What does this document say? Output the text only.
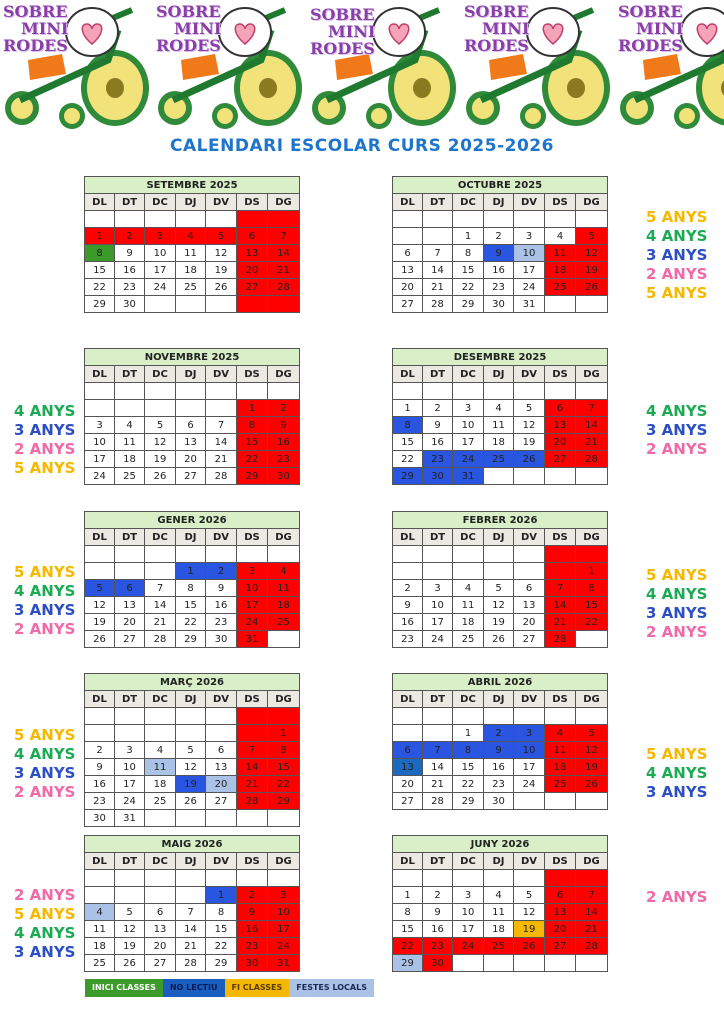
SOBRE
MINI
RODES
SOBRE
MINI
RODES
SOBRE
MINI
RODES
SOBRE
MINI
RODES
SOBRE
MINI
RODES
CALENDARI ESCOLAR CURS 2025-2026
SETEMBRE 2025						
DL	DT	DC	DJ	DV	DS	DG

1	2	3	4	5	6	7
8	9	10	11	12	13	14
15	16	17	18	19	20	21
22	23	24	25	26	27	28
29	30					
OCTUBRE 2025						
DL	DT	DC	DJ	DV	DS	DG

		1	2	3	4	5
6	7	8	9	10	11	12
13	14	15	16	17	18	19
20	21	22	23	24	25	26
27	28	29	30	31		
NOVEMBRE 2025						
DL	DT	DC	DJ	DV	DS	DG

					1	2
3	4	5	6	7	8	9
10	11	12	13	14	15	16
17	18	19	20	21	22	23
24	25	26	27	28	29	30
DESEMBRE 2025						
DL	DT	DC	DJ	DV	DS	DG

1	2	3	4	5	6	7
8	9	10	11	12	13	14
15	16	17	18	19	20	21
22	23	24	25	26	27	28
29	30	31				
GENER 2026						
DL	DT	DC	DJ	DV	DS	DG

			1	2	3	4
5	6	7	8	9	10	11
12	13	14	15	16	17	18
19	20	21	22	23	24	25
26	27	28	29	30	31	
FEBRER 2026						
DL	DT	DC	DJ	DV	DS	DG

						1
2	3	4	5	6	7	8
9	10	11	12	13	14	15
16	17	18	19	20	21	22
23	24	25	26	27	28	
MARÇ 2026						
DL	DT	DC	DJ	DV	DS	DG

						1
2	3	4	5	6	7	8
9	10	11	12	13	14	15
16	17	18	19	20	21	22
23	24	25	26	27	28	29
30	31					
ABRIL 2026						
DL	DT	DC	DJ	DV	DS	DG

		1	2	3	4	5
6	7	8	9	10	11	12
13	14	15	16	17	18	19
20	21	22	23	24	25	26
27	28	29	30			
MAIG 2026						
DL	DT	DC	DJ	DV	DS	DG

				1	2	3
4	5	6	7	8	9	10
11	12	13	14	15	16	17
18	19	20	21	22	23	24
25	26	27	28	29	30	31
JUNY 2026						
DL	DT	DC	DJ	DV	DS	DG

1	2	3	4	5	6	7
8	9	10	11	12	13	14
15	16	17	18	19	20	21
22	23	24	25	26	27	28
29	30					
5 ANYS
4 ANYS
3 ANYS
2 ANYS
5 ANYS
4 ANYS
3 ANYS
2 ANYS
5 ANYS
4 ANYS
3 ANYS
2 ANYS
5 ANYS
4 ANYS
3 ANYS
2 ANYS
5 ANYS
4 ANYS
3 ANYS
2 ANYS
5 ANYS
4 ANYS
3 ANYS
2 ANYS
5 ANYS
4 ANYS
3 ANYS
2 ANYS
5 ANYS
4 ANYS
3 ANYS
2 ANYS
INICI CLASSES	NO LECTIU	FI CLASSES	FESTES LOCALS
